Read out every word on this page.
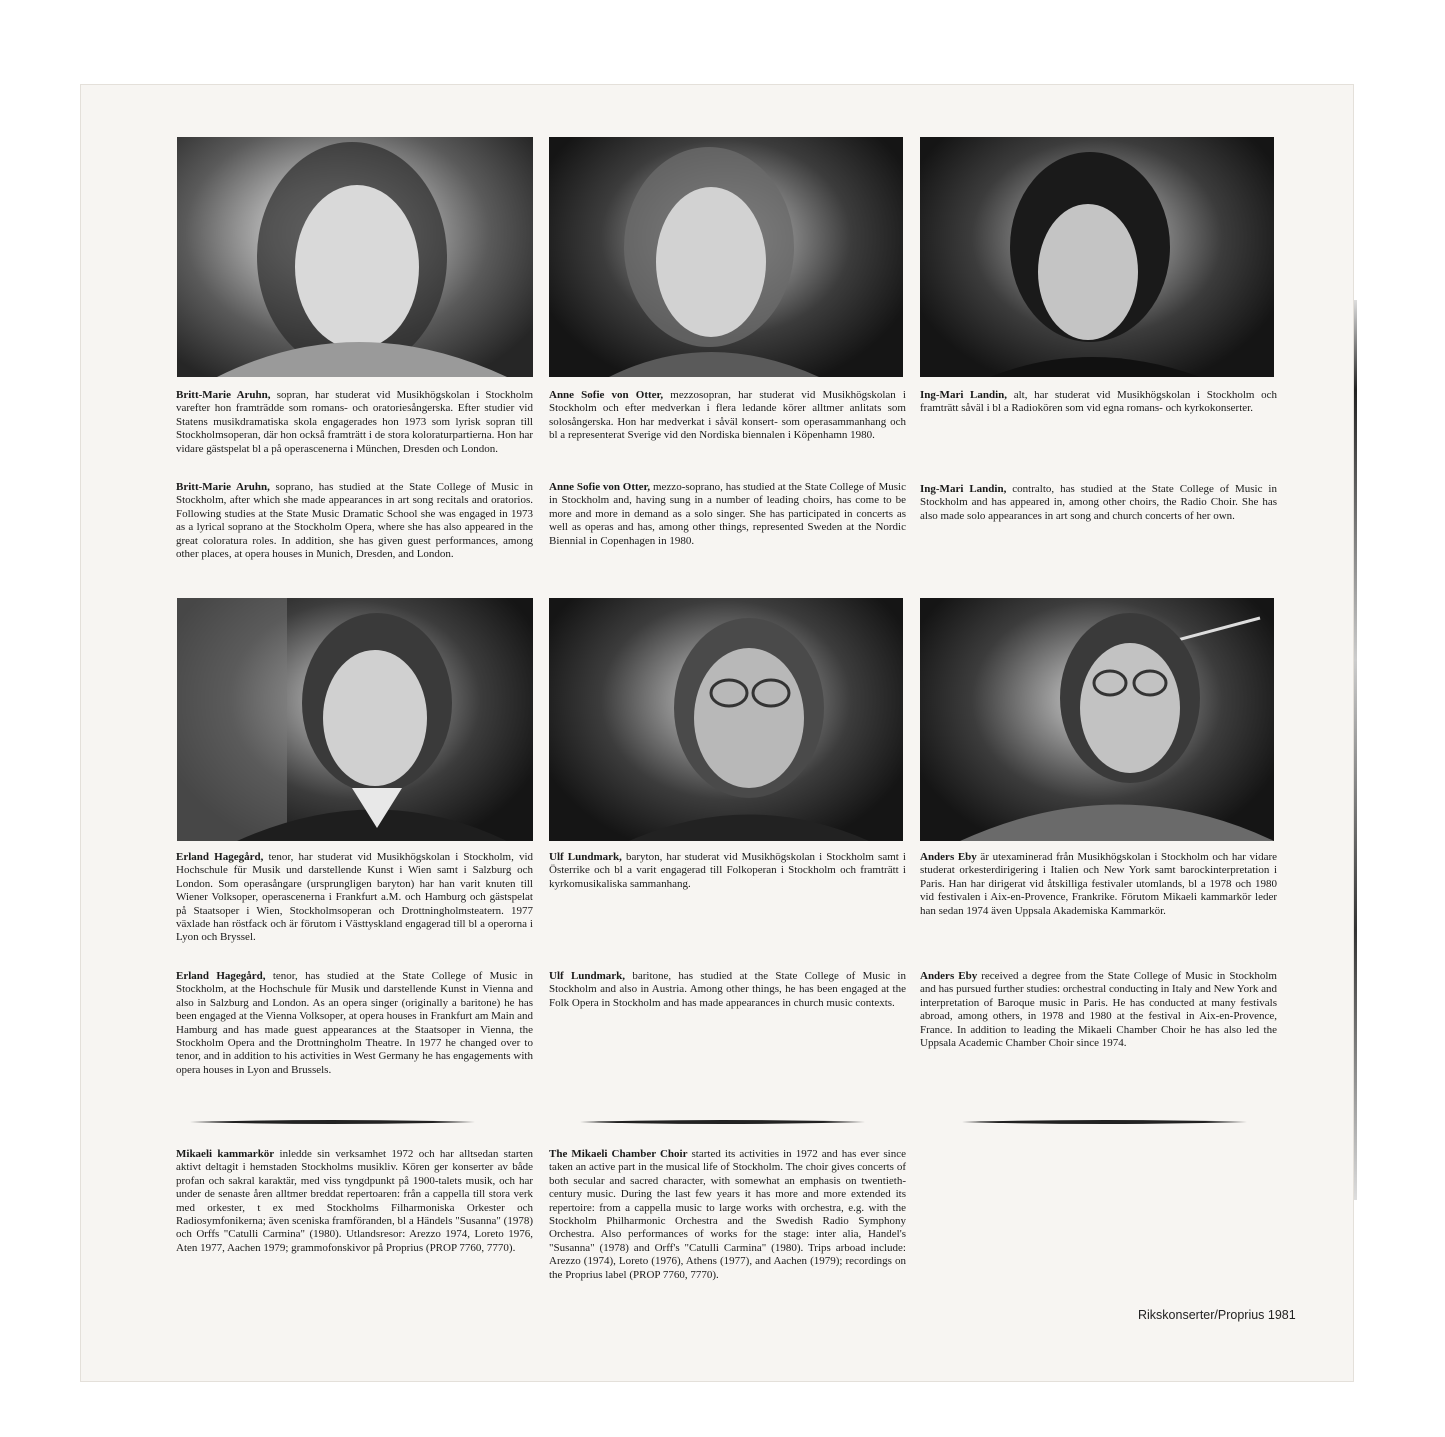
Britt-Marie Aruhn, sopran, har studerat vid Musikhögskolan i Stockholm varefter hon framträdde som romans- och oratoriesångerska. Efter studier vid Statens musikdramatiska skola engagerades hon 1973 som lyrisk sopran till Stockholmsoperan, där hon också framträtt i de stora koloraturpartierna. Hon har vidare gästspelat bl a på operascenerna i München, Dresden och London.

Britt-Marie Aruhn, soprano, has studied at the State College of Music in Stockholm, after which she made appearances in art song recitals and oratorios. Following studies at the State Music Dramatic School she was engaged in 1973 as a lyrical soprano at the Stockholm Opera, where she has also appeared in the great coloratura roles. In addition, she has given guest performances, among other places, at opera houses in Munich, Dresden, and London.

Anne Sofie von Otter, mezzosopran, har studerat vid Musikhögskolan i Stockholm och efter medverkan i flera ledande körer alltmer anlitats som solosångerska. Hon har medverkat i såväl konsert- som operasammanhang och bl a representerat Sverige vid den Nordiska biennalen i Köpenhamn 1980.

Anne Sofie von Otter, mezzo-soprano, has studied at the State College of Music in Stockholm and, having sung in a number of leading choirs, has come to be more and more in demand as a solo singer. She has participated in concerts as well as operas and has, among other things, represented Sweden at the Nordic Biennial in Copenhagen in 1980.

Ing-Mari Landin, alt, har studerat vid Musikhögskolan i Stockholm och framträtt såväl i bl a Radiokören som vid egna romans- och kyrkokonserter.

Ing-Mari Landin, contralto, has studied at the State College of Music in Stockholm and has appeared in, among other choirs, the Radio Choir. She has also made solo appearances in art song and church concerts of her own.

Erland Hagegård, tenor, har studerat vid Musikhögskolan i Stockholm, vid Hochschule für Musik und darstellende Kunst i Wien samt i Salzburg och London. Som operasångare (ursprungligen baryton) har han varit knuten till Wiener Volksoper, operascenerna i Frankfurt a.M. och Hamburg och gästspelat på Staatsoper i Wien, Stockholmsoperan och Drottningholmsteatern. 1977 växlade han röstfack och är förutom i Västtyskland engagerad till bl a operorna i Lyon och Bryssel.

Erland Hagegård, tenor, has studied at the State College of Music in Stockholm, at the Hochschule für Musik und darstellende Kunst in Vienna and also in Salzburg and London. As an opera singer (originally a baritone) he has been engaged at the Vienna Volksoper, at opera houses in Frankfurt am Main and Hamburg and has made guest appearances at the Staatsoper in Vienna, the Stockholm Opera and the Drottningholm Theatre. In 1977 he changed over to tenor, and in addition to his activities in West Germany he has engagements with opera houses in Lyon and Brussels.

Ulf Lundmark, baryton, har studerat vid Musikhögskolan i Stockholm samt i Österrike och bl a varit engagerad till Folkoperan i Stockholm och framträtt i kyrkomusikaliska sammanhang.

Ulf Lundmark, baritone, has studied at the State College of Music in Stockholm and also in Austria. Among other things, he has been engaged at the Folk Opera in Stockholm and has made appearances in church music contexts.

Anders Eby är utexaminerad från Musikhögskolan i Stockholm och har vidare studerat orkesterdirigering i Italien och New York samt barockinterpretation i Paris. Han har dirigerat vid åtskilliga festivaler utomlands, bl a 1978 och 1980 vid festivalen i Aix-en-Provence, Frankrike. Förutom Mikaeli kammarkör leder han sedan 1974 även Uppsala Akademiska Kammarkör.

Anders Eby received a degree from the State College of Music in Stockholm and has pursued further studies: orchestral conducting in Italy and New York and interpretation of Baroque music in Paris. He has conducted at many festivals abroad, among others, in 1978 and 1980 at the festival in Aix-en-Provence, France. In addition to leading the Mikaeli Chamber Choir he has also led the Uppsala Academic Chamber Choir since 1974.

Mikaeli kammarkör inledde sin verksamhet 1972 och har alltsedan starten aktivt deltagit i hemstaden Stockholms musikliv. Kören ger konserter av både profan och sakral karaktär, med viss tyngdpunkt på 1900-talets musik, och har under de senaste åren alltmer breddat repertoaren: från a cappella till stora verk med orkester, t ex med Stockholms Filharmoniska Orkester och Radiosymfonikerna; även sceniska framföranden, bl a Händels "Susanna" (1978) och Orffs "Catulli Carmina" (1980). Utlandsresor: Arezzo 1974, Loreto 1976, Aten 1977, Aachen 1979; grammofonskivor på Proprius (PROP 7760, 7770).

The Mikaeli Chamber Choir started its activities in 1972 and has ever since taken an active part in the musical life of Stockholm. The choir gives concerts of both secular and sacred character, with somewhat an emphasis on twentieth-century music. During the last few years it has more and more extended its repertoire: from a cappella music to large works with orchestra, e.g. with the Stockholm Philharmonic Orchestra and the Swedish Radio Symphony Orchestra. Also performances of works for the stage: inter alia, Handel's "Susanna" (1978) and Orff's "Catulli Carmina" (1980). Trips arboad include: Arezzo (1974), Loreto (1976), Athens (1977), and Aachen (1979); recordings on the Proprius label (PROP 7760, 7770).

Rikskonserter/Proprius 1981
